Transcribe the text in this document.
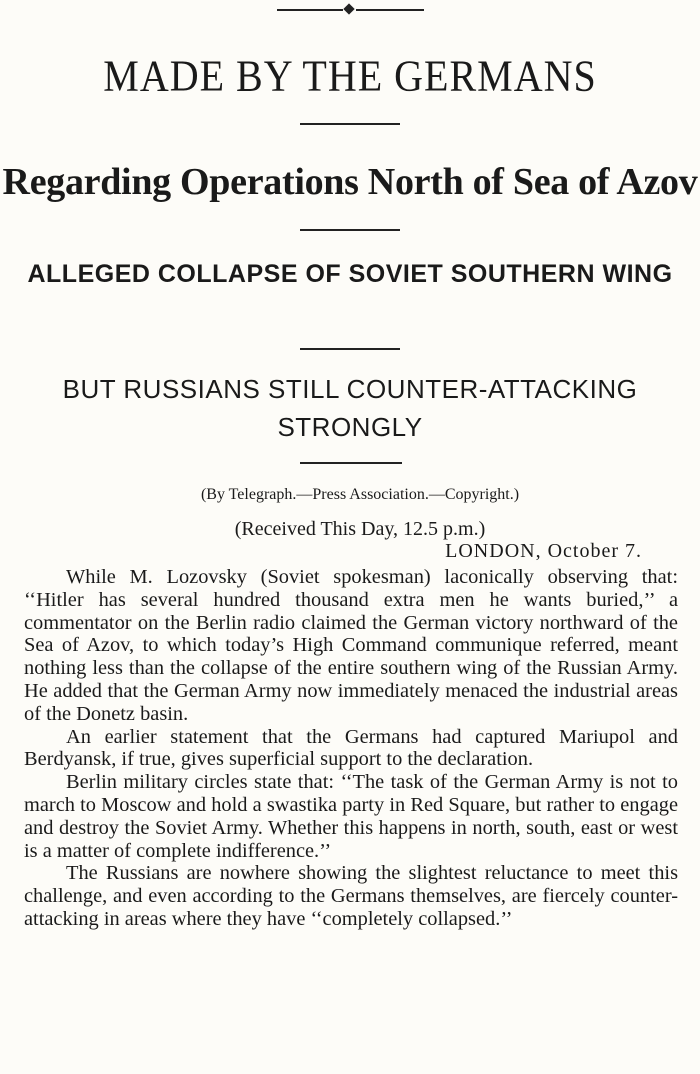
MADE BY THE GERMANS
Regarding Operations North of Sea of Azov
ALLEGED COLLAPSE OF SOVIET SOUTHERN WING
BUT RUSSIANS STILL COUNTER-ATTACKING STRONGLY
(By Telegraph.—Press Association.—Copyright.)
(Received This Day, 12.5 p.m.)
LONDON, October 7.

While M. Lozovsky (Soviet spokesman) laconically observing that: ‘‘Hitler has several hundred thousand extra men he wants buried,’’ a commentator on the Berlin radio claimed the German victory northward of the Sea of Azov, to which today’s High Command communique referred, meant nothing less than the collapse of the entire southern wing of the Russian Army. He added that the German Army now immediately menaced the industrial areas of the Donetz basin.

An earlier statement that the Germans had captured Mariupol and Berdyansk, if true, gives superficial support to the declaration.

Berlin military circles state that: ‘‘The task of the German Army is not to march to Moscow and hold a swastika party in Red Square, but rather to engage and destroy the Soviet Army. Whether this happens in north, south, east or west is a matter of complete indifference.’’

The Russians are nowhere showing the slightest reluctance to meet this challenge, and even according to the Germans themselves, are fiercely counter-attacking in areas where they have ‘‘completely collapsed.’’
